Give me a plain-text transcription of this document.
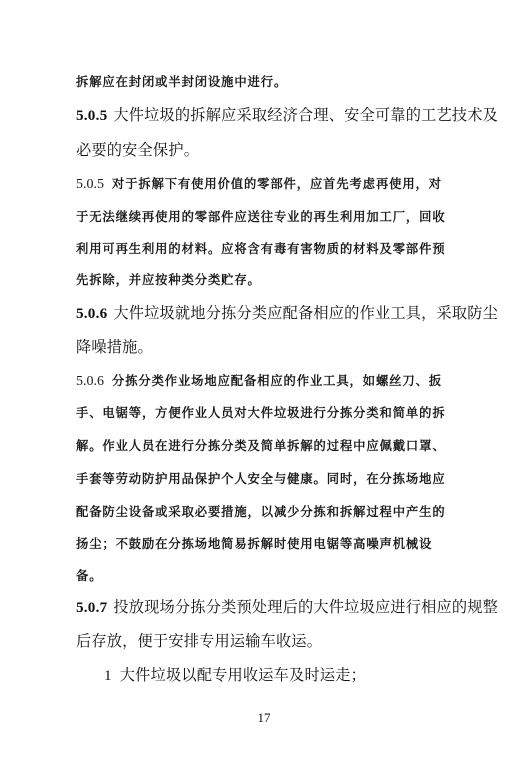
拆解应在封闭或半封闭设施中进行。
5.0.5 大件垃圾的拆解应采取经济合理、安全可靠的工艺技术及
必要的安全保护。
5.0.5 对于拆解下有使用价值的零部件，应首先考虑再使用，对
于无法继续再使用的零部件应送往专业的再生利用加工厂，回收
利用可再生利用的材料。应将含有毒有害物质的材料及零部件预
先拆除，并应按种类分类贮存。
5.0.6 大件垃圾就地分拣分类应配备相应的作业工具，采取防尘
降噪措施。
5.0.6 分拣分类作业场地应配备相应的作业工具，如螺丝刀、扳
手、电锯等，方便作业人员对大件垃圾进行分拣分类和简单的拆
解。作业人员在进行分拣分类及简单拆解的过程中应佩戴口罩、
手套等劳动防护用品保护个人安全与健康。同时，在分拣场地应
配备防尘设备或采取必要措施，以减少分拣和拆解过程中产生的
扬尘；不鼓励在分拣场地简易拆解时使用电锯等高噪声机械设
备。
5.0.7 投放现场分拣分类预处理后的大件垃圾应进行相应的规整
后存放，便于安排专用运输车收运。
1 大件垃圾以配专用收运车及时运走；
17
